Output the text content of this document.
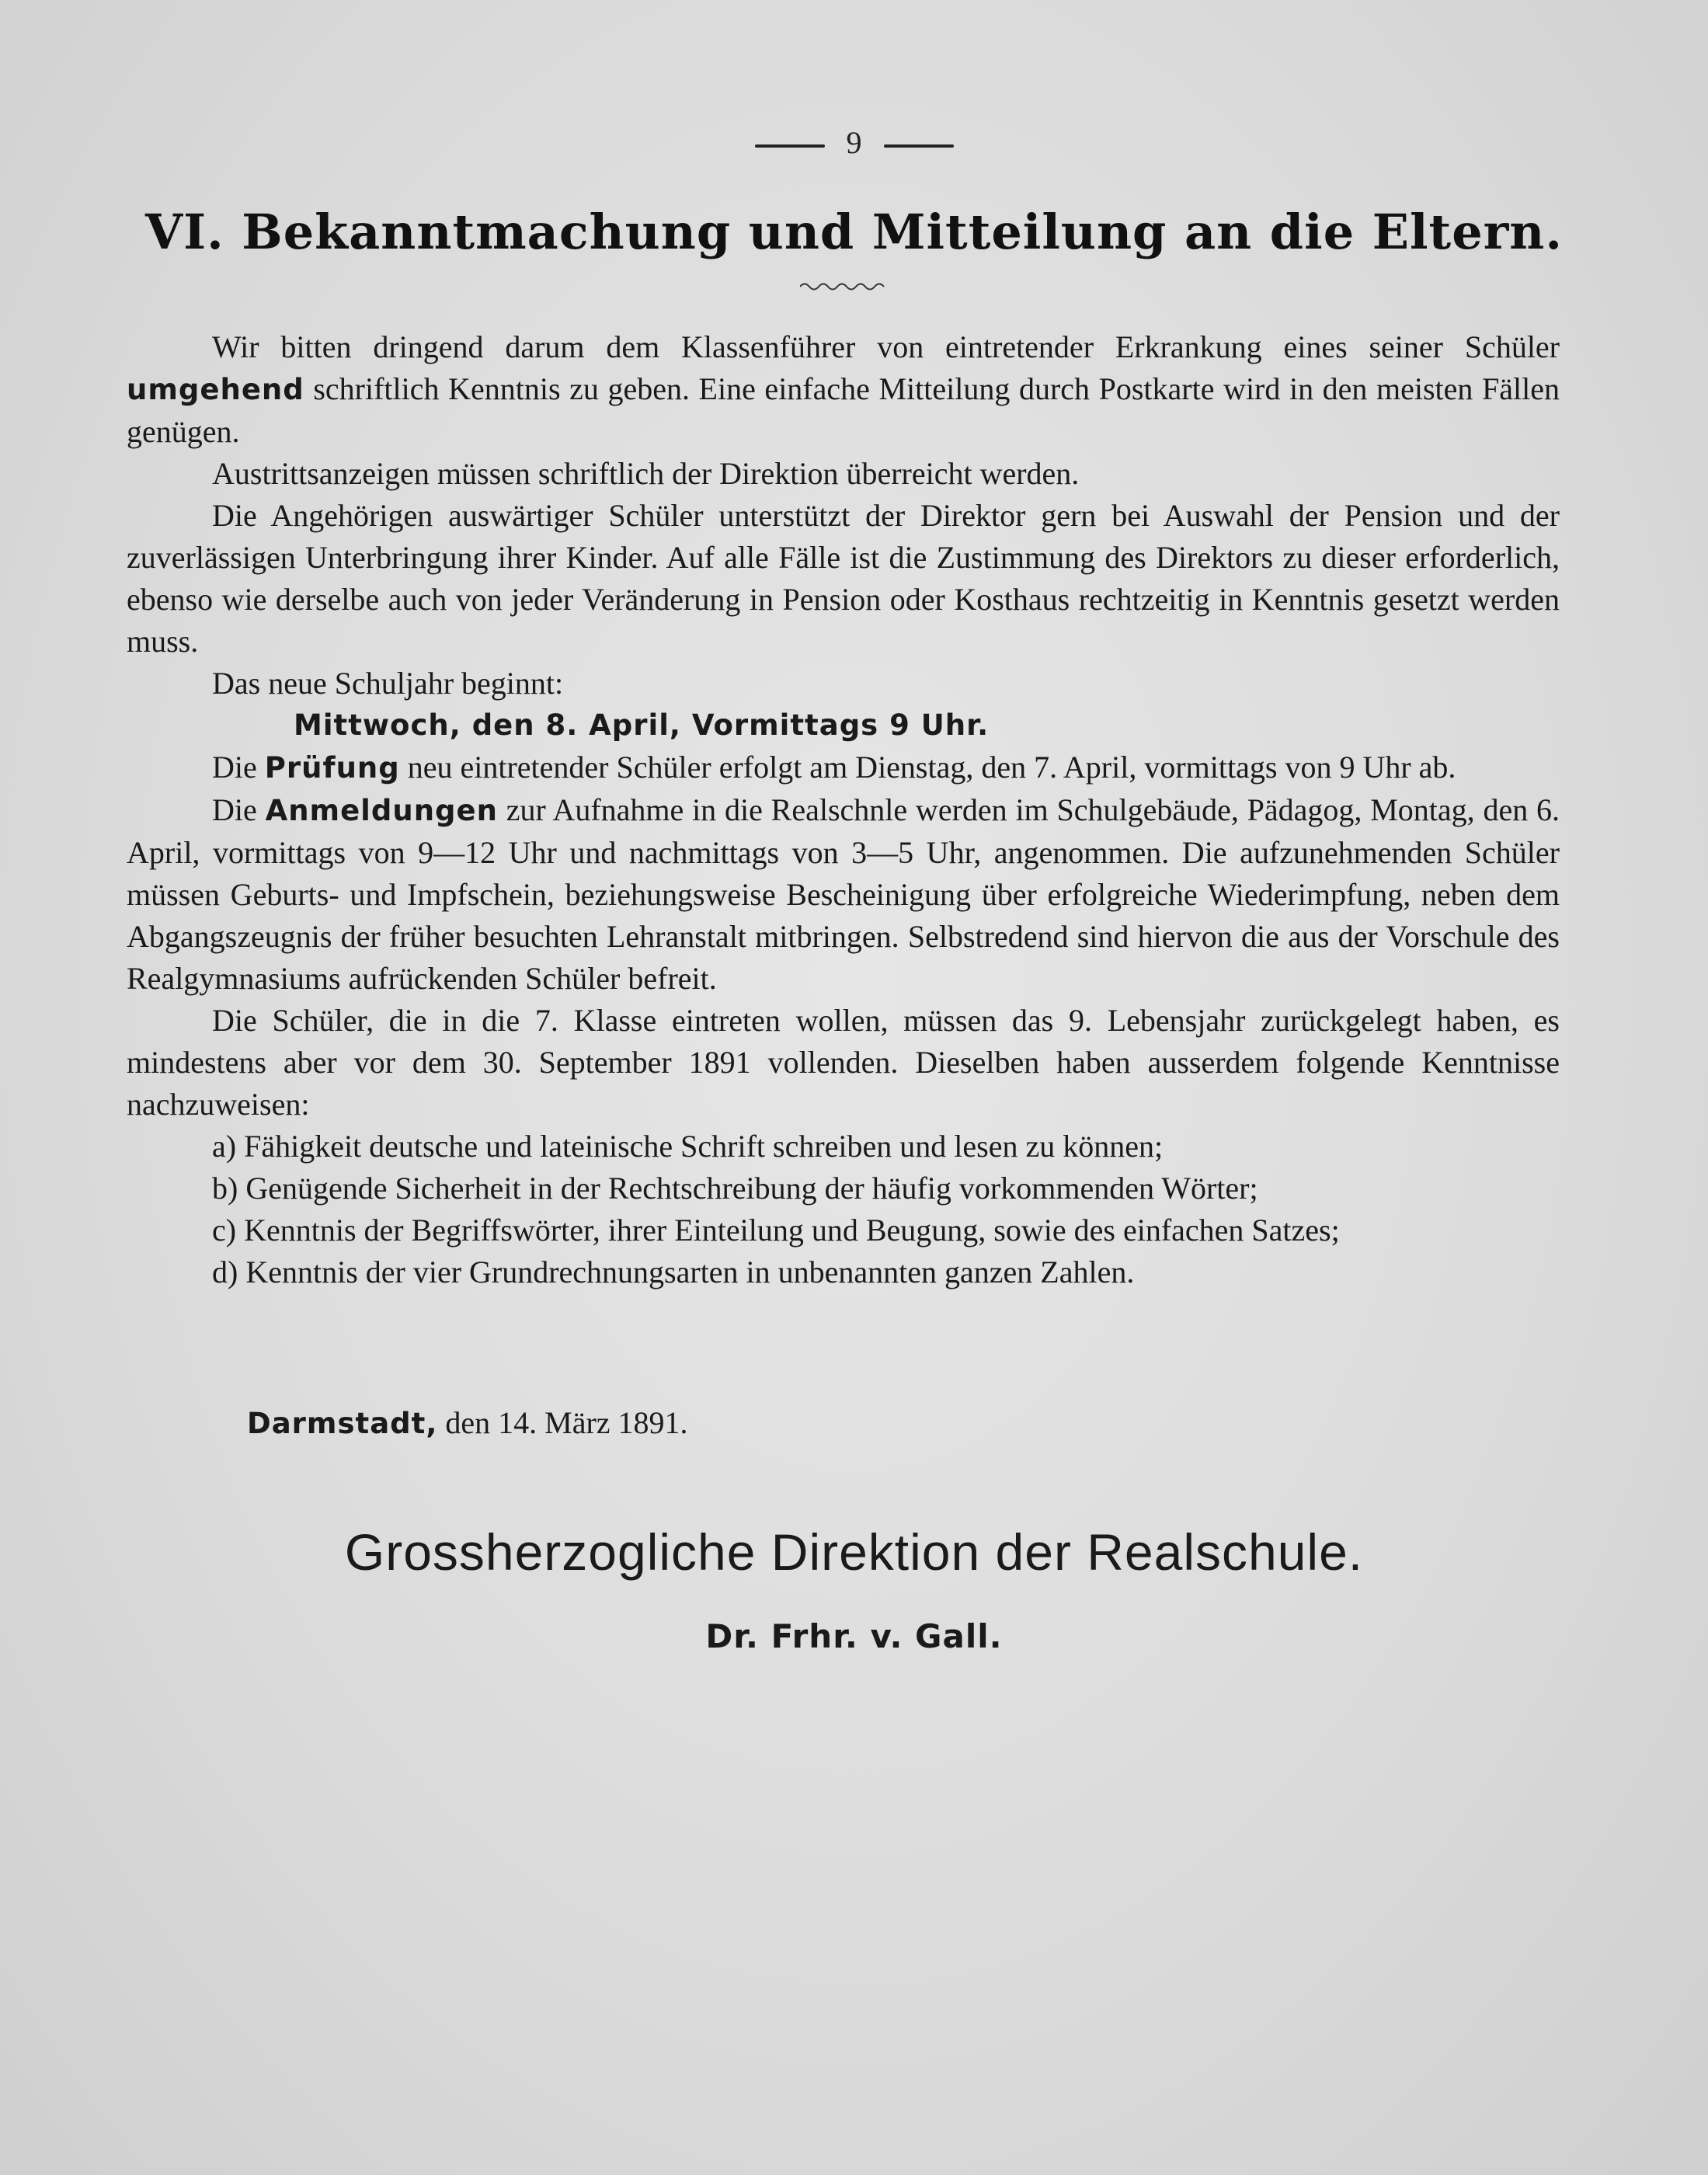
9
VI. Bekanntmachung und Mitteilung an die Eltern.

Wir bitten dringend darum dem Klassenführer von eintretender Erkrankung eines seiner Schüler umgehend schriftlich Kenntnis zu geben. Eine einfache Mitteilung durch Postkarte wird in den meisten Fällen genügen.

Austrittsanzeigen müssen schriftlich der Direktion überreicht werden.

Die Angehörigen auswärtiger Schüler unterstützt der Direktor gern bei Auswahl der Pension und der zuverlässigen Unterbringung ihrer Kinder. Auf alle Fälle ist die Zustimmung des Direktors zu dieser erforderlich, ebenso wie derselbe auch von jeder Veränderung in Pension oder Kosthaus rechtzeitig in Kenntnis gesetzt werden muss.

Das neue Schuljahr beginnt:

Mittwoch, den 8. April, Vormittags 9 Uhr.

Die Prüfung neu eintretender Schüler erfolgt am Dienstag, den 7. April, vormittags von 9 Uhr ab.

Die Anmeldungen zur Aufnahme in die Realschnle werden im Schulgebäude, Pädagog, Montag, den 6. April, vormittags von 9—12 Uhr und nachmittags von 3—5 Uhr, angenommen. Die aufzunehmenden Schüler müssen Geburts- und Impfschein, beziehungsweise Bescheinigung über erfolgreiche Wiederimpfung, neben dem Abgangszeugnis der früher besuchten Lehranstalt mitbringen. Selbstredend sind hiervon die aus der Vorschule des Realgymnasiums aufrückenden Schüler befreit.

Die Schüler, die in die 7. Klasse eintreten wollen, müssen das 9. Lebensjahr zurückgelegt haben, es mindestens aber vor dem 30. September 1891 vollenden. Dieselben haben ausserdem folgende Kenntnisse nachzuweisen:

a) Fähigkeit deutsche und lateinische Schrift schreiben und lesen zu können;
b) Genügende Sicherheit in der Rechtschreibung der häufig vorkommenden Wörter;
c) Kenntnis der Begriffswörter, ihrer Einteilung und Beugung, sowie des einfachen Satzes;
d) Kenntnis der vier Grundrechnungsarten in unbenannten ganzen Zahlen.
Darmstadt, den 14. März 1891.
Grossherzogliche Direktion der Realschule.
Dr. Frhr. v. Gall.
